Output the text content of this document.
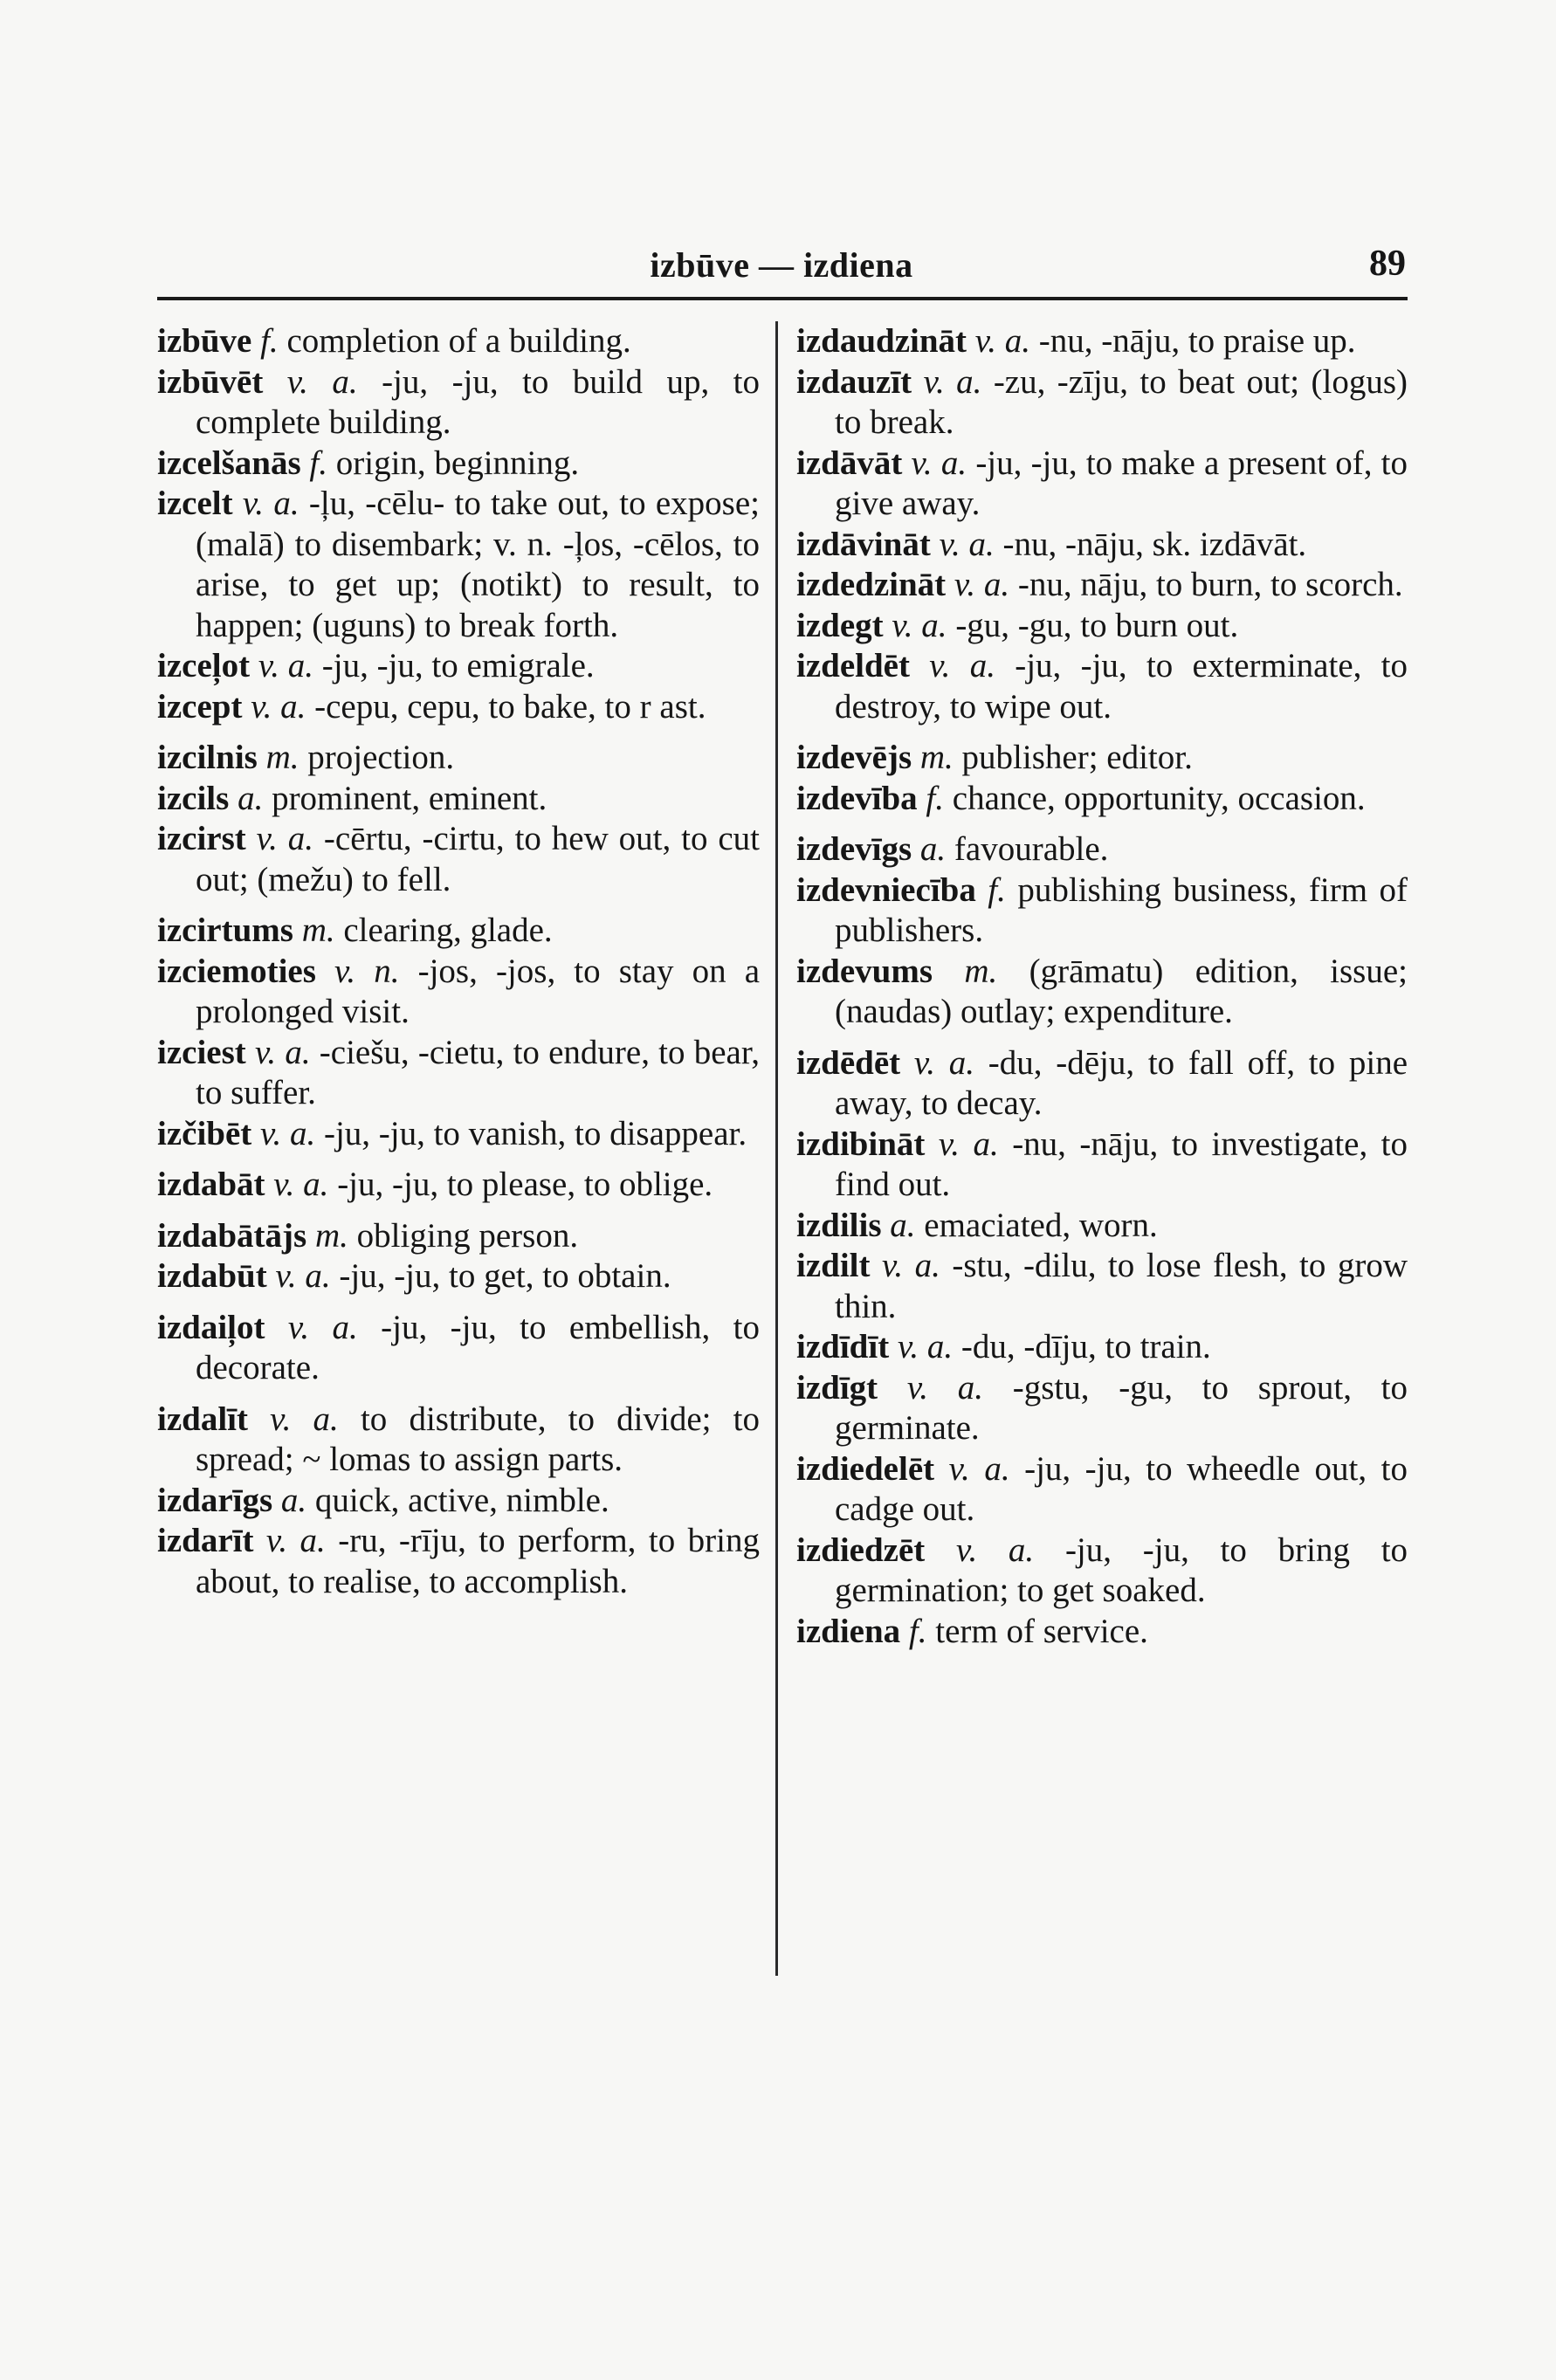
izbūve — izdiena	89

izbūve f. completion of a building.

izbūvēt v. a. -ju, -ju, to build up, to complete building.

izcelšanās f. origin, beginning.

izcelt v. a. -ļu, -cēlu- to take out, to expose; (malā) to disembark; v. n. -ļos, -cēlos, to arise, to get up; (notikt) to result, to happen; (uguns) to break forth.

izceļot v. a. -ju, -ju, to emigrale.

izcept v. a. -cepu, cepu, to bake, to r ast.

izcilnis m. projection.

izcils a. prominent, eminent.

izcirst v. a. -cērtu, -cirtu, to hew out, to cut out; (mežu) to fell.

izcirtums m. clearing, glade.

izciemoties v. n. -jos, -jos, to stay on a prolonged visit.

izciest v. a. -ciešu, -cietu, to endure, to bear, to suffer.

izčibēt v. a. -ju, -ju, to vanish, to disappear.

izdabāt v. a. -ju, -ju, to please, to oblige.

izdabātājs m. obliging person.

izdabūt v. a. -ju, -ju, to get, to obtain.

izdaiļot v. a. -ju, -ju, to embellish, to decorate.

izdalīt v. a. to distribute, to divide; to spread; ~ lomas to assign parts.

izdarīgs a. quick, active, nimble.

izdarīt v. a. -ru, -rīju, to perform, to bring about, to realise, to accomplish.

izdaudzināt v. a. -nu, -nāju, to praise up.

izdauzīt v. a. -zu, -zīju, to beat out; (logus) to break.

izdāvāt v. a. -ju, -ju, to make a present of, to give away.

izdāvināt v. a. -nu, -nāju, sk. izdāvāt.

izdedzināt v. a. -nu, nāju, to burn, to scorch.

izdegt v. a. -gu, -gu, to burn out.

izdeldēt v. a. -ju, -ju, to exterminate, to destroy, to wipe out.

izdevējs m. publisher; editor.

izdevība f. chance, opportunity, occasion.

izdevīgs a. favourable.

izdevniecība f. publishing business, firm of publishers.

izdevums m. (grāmatu) edition, issue; (naudas) outlay; expenditure.

izdēdēt v. a. -du, -dēju, to fall off, to pine away, to decay.

izdibināt v. a. -nu, -nāju, to investigate, to find out.

izdilis a. emaciated, worn.

izdilt v. a. -stu, -dilu, to lose flesh, to grow thin.

izdīdīt v. a. -du, -dīju, to train.

izdīgt v. a. -gstu, -gu, to sprout, to germinate.

izdiedelēt v. a. -ju, -ju, to wheedle out, to cadge out.

izdiedzēt v. a. -ju, -ju, to bring to germination; to get soaked.

izdiena f. term of service.
